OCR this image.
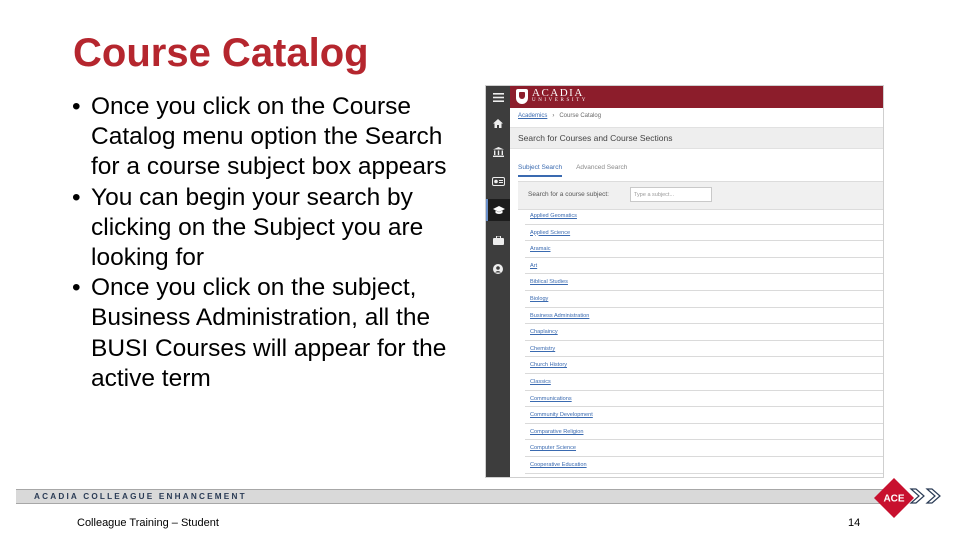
Course Catalog
• Once you click on the Course Catalog menu option the Search for a course subject box appears
• You can begin your search by clicking on the Subject you are looking for
• Once you click on the subject, Business Administration, all the BUSI Courses will appear for the active term
ACADIA
UNIVERSITY
Academics › Course Catalog
Search for Courses and Course Sections
Subject Search Advanced Search
Search for a course subject:	Type a subject...
Applied Geomatics
Applied Science
Aramaic
Art
Biblical Studies
Biology
Business Administration
Chaplaincy
Chemistry
Church History
Classics
Communications
Community Development
Comparative Religion
Computer Science
Cooperative Education
ACADIA COLLEAGUE ENHANCEMENT	ACE
Colleague Training – Student	14
